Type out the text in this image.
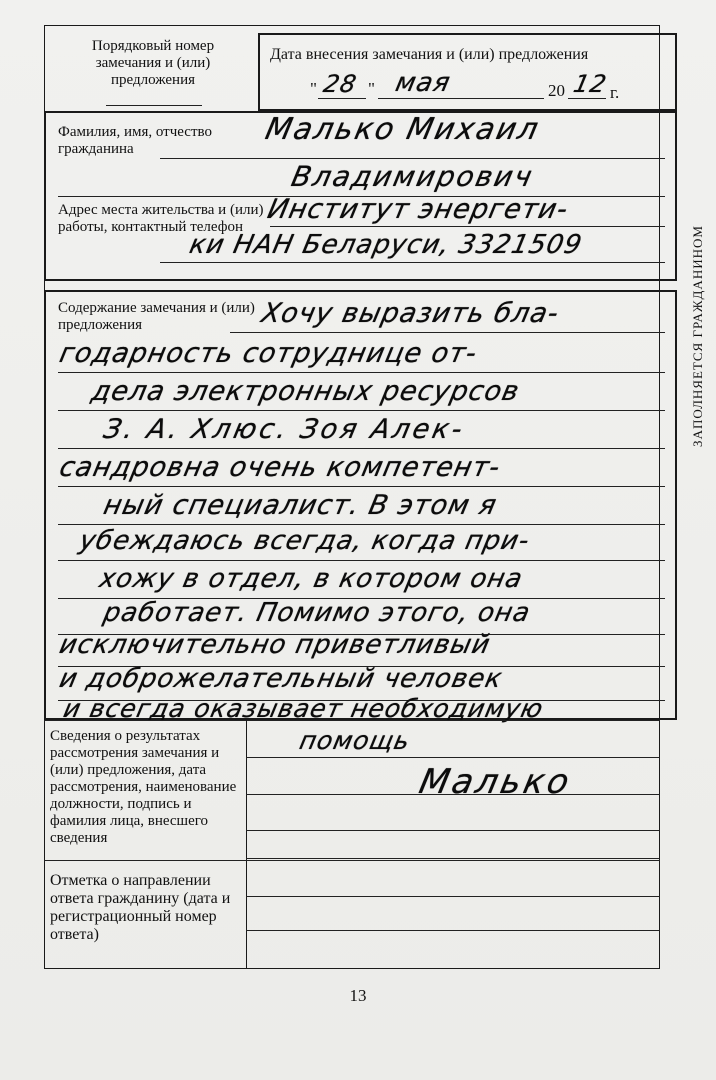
Порядковый номер замечания и (или) предложения
Дата внесения замечания и (или) предложения
" 28 " мая	20 12 г.
Фамилия, имя, отчество гражданина
Малько Михаил
Владимирович
Адрес места жительства и (или) работы, контактный телефон
Институт энергети-
ки НАН Беларуси, 3321509
Содержание замечания и (или) предложения	Хочу выразить бла-
годарность сотруднице от-
дела электронных ресурсов
З. А. Хлюс. Зоя Алек-
сандровна очень компетент-
ный специалист. В этом я
убеждаюсь всегда, когда при-
хожу в отдел, в котором она
работает. Помимо этого, она
исключительно приветливый
и доброжелательный человек
и всегда оказывает необходимую
помощь
Малько
Сведения о результатах рассмотрения замечания и (или) предложения, дата рассмотрения, наименование должности, подпись и фамилия лица, внесшего сведения
Отметка о направлении ответа гражданину (дата и регистрационный номер ответа)
ЗАПОЛНЯЕТСЯ ГРАЖДАНИНОМ
13
